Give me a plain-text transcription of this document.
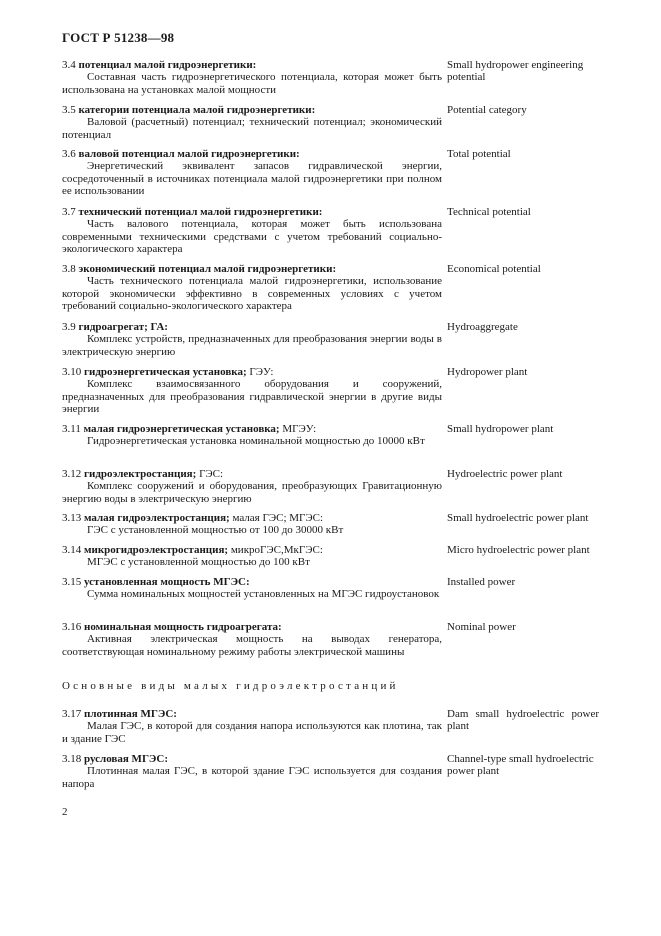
ГОСТ Р 51238—98
3.4 потенциал малой гидроэнергетики:
Составная часть гидроэнергетического потенциала, которая может быть использована на установках малой мощности
Small hydropower engineering potential
3.5 категории потенциала малой гидроэнергетики:
Валовой (расчетный) потенциал; технический потенциал; экономический потенциал
Potential category
3.6 валовой потенциал малой гидроэнергетики:
Энергетический эквивалент запасов гидравлической энергии, сосредоточенный в источниках потенциала малой гидроэнергетики при полном ее использовании
Total potential
3.7 технический потенциал малой гидроэнергетики:
Часть валового потенциала, которая может быть использована современными техническими средствами с учетом требований социально-экологического характера
Technical potential
3.8 экономический потенциал малой гидроэнергетики:
Часть технического потенциала малой гидроэнергетики, использование которой экономически эффективно в современных условиях с учетом требований социально-экологического характера
Economical potential
3.9 гидроагрегат; ГА:
Комплекс устройств, предназначенных для преобразования энергии воды в электрическую энергию
Hydroaggregate
3.10 гидроэнергетическая установка; ГЭУ:
Комплекс взаимосвязанного оборудования и сооружений, предназначенных для преобразования гидравлической энергии в другие виды энергии
Hydropower plant
3.11 малая гидроэнергетическая установка; МГЭУ:
Гидроэнергетическая установка номинальной мощностью до 10000 кВт
Small hydropower plant
3.12 гидроэлектростанция; ГЭС:
Комплекс сооружений и оборудования, преобразующих Гравитационную энергию воды в электрическую энергию
Hydroelectric power plant
3.13 малая гидроэлектростанция; малая ГЭС; МГЭС:
ГЭС с установленной мощностью от 100 до 30000 кВт
Small hydroelectric power plant
3.14 микрогидроэлектростанция; микроГЭС,МкГЭС:
МГЭС с установленной мощностью до 100 кВт
Micro hydroelectric power plant
3.15 установленная мощность МГЭС:
Сумма номинальных мощностей установленных на МГЭС гидроустановок
Installed power
3.16 номинальная мощность гидроагрегата:
Активная электрическая мощность на выводах генератора, соответствующая номинальному режиму работы электрической машины
Nominal power
Основные виды малых гидроэлектростанций
3.17 плотинная МГЭС:
Малая ГЭС, в которой для создания напора используются как плотина, так и здание ГЭС
Dam small hydroelectric power plant
3.18 русловая МГЭС:
Плотинная малая ГЭС, в которой здание ГЭС используется для создания напора
Channel-type small hydroelectric power plant
2
